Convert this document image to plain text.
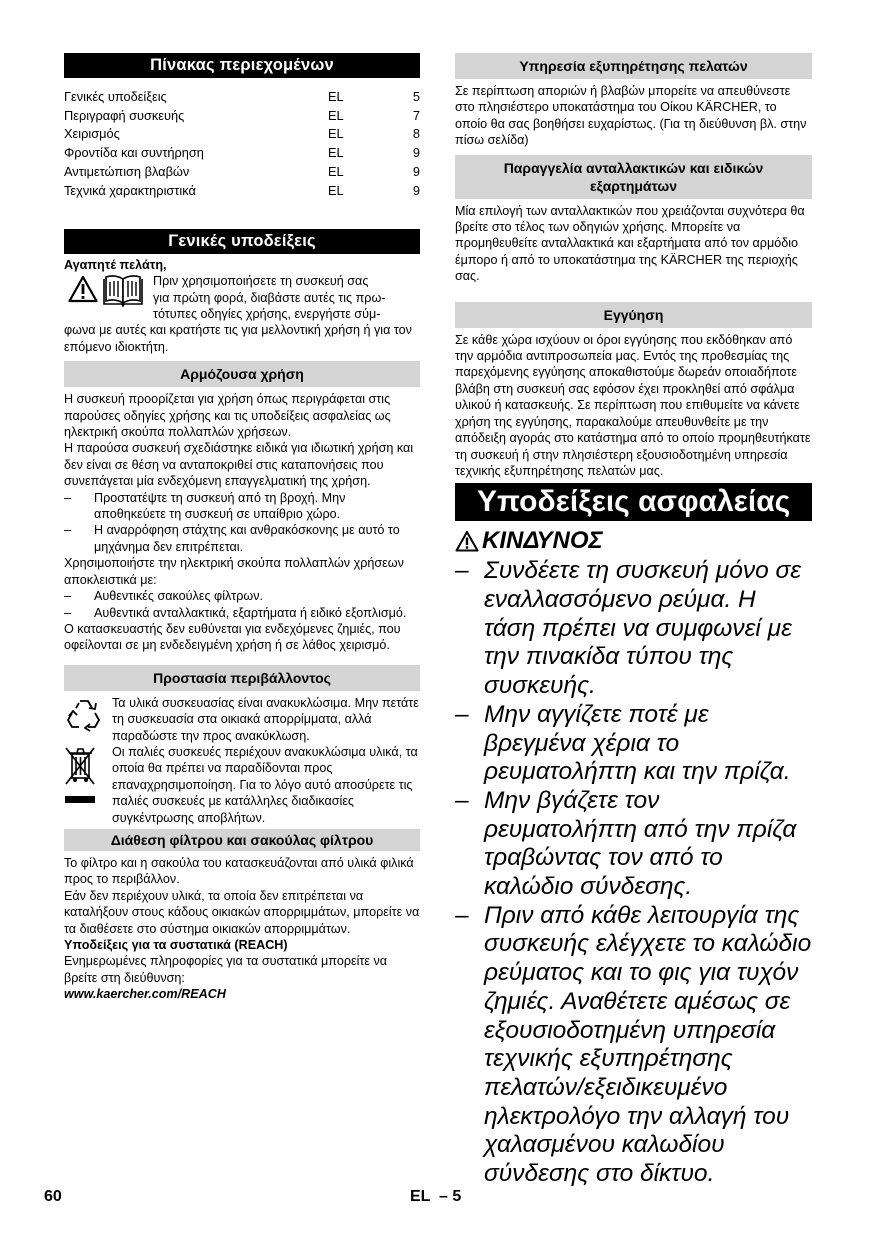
Πίνακας περιεχομένων
Γενικές υποδείξεις	EL	5
Περιγραφή συσκευής	EL	7
Χειρισμός	EL	8
Φροντίδα και συντήρηση	EL	9
Αντιμετώπιση βλαβών	EL	9
Τεχνικά χαρακτηριστικά	EL	9
Γενικές υποδείξεις
Αγαπητέ πελάτη,
Πριν χρησιμοποιήσετε τη συσκευή σας
για πρώτη φορά, διαβάστε αυτές τις πρω-
τότυπες οδηγίες χρήσης, ενεργήστε σύμ-
φωνα με αυτές και κρατήστε τις για μελλοντική χρήση ή για τον επόμενο ιδιοκτήτη.
Αρμόζουσα χρήση

Η συσκευή προορίζεται για χρήση όπως περιγράφεται στις παρούσες οδηγίες χρήσης και τις υποδείξεις ασφαλείας ως ηλεκτρική σκούπα πολλαπλών χρήσεων.

Η παρούσα συσκευή σχεδιάστηκε ειδικά για ιδιωτική χρήση και δεν είναι σε θέση να ανταποκριθεί στις καταπονήσεις που συνεπάγεται μία ενδεχόμενη επαγγελματική της χρήση.

–	Προστατέψτε τη συσκευή από τη βροχή. Μην αποθηκεύετε τη συσκευή σε υπαίθριο χώρο.
–	Η αναρρόφηση στάχτης και ανθρακόσκονης με αυτό το μηχάνημα δεν επιτρέπεται.

Χρησιμοποιήστε την ηλεκτρική σκούπα πολλαπλών χρήσεων αποκλειστικά με:

–	Αυθεντικές σακούλες φίλτρων.
–	Αυθεντικά ανταλλακτικά, εξαρτήματα ή ειδικό εξοπλισμό.

Ο κατασκευαστής δεν ευθύνεται για ενδεχόμενες ζημιές, που οφείλονται σε μη ενδεδειγμένη χρήση ή σε λάθος χειρισμό.

Προστασία περιβάλλοντος
Τα υλικά συσκευασίας είναι ανακυκλώσιμα. Μην πετάτε τη συσκευασία στα οικιακά απορρίμματα, αλλά παραδώστε την προς ανακύκλωση.
Οι παλιές συσκευές περιέχουν ανακυκλώσιμα υλικά, τα οποία θα πρέπει να παραδίδονται προς επαναχρησιμοποίηση. Για το λόγο αυτό αποσύρετε τις παλιές συσκευές με κατάλληλες διαδικασίες συγκέντρωσης αποβλήτων.
Διάθεση φίλτρου και σακούλας φίλτρου

Το φίλτρο και η σακούλα του κατασκευάζονται από υλικά φιλικά προς το περιβάλλον.

Εάν δεν περιέχουν υλικά, τα οποία δεν επιτρέπεται να καταλήξουν στους κάδους οικιακών απορριμμάτων, μπορείτε να τα διαθέσετε στο σύστημα οικιακών απορριμμάτων.

Υποδείξεις για τα συστατικά (REACH)

Ενημερωμένες πληροφορίες για τα συστατικά μπορείτε να βρείτε στη διεύθυνση:

www.kaercher.com/REACH

Υπηρεσία εξυπηρέτησης πελατών
Σε περίπτωση αποριών ή βλαβών μπορείτε να απευθύνεστε στο πλησιέστερο υποκατάστημα του Οίκου KÄRCHER, το οποίο θα σας βοηθήσει ευχαρίστως. (Για τη διεύθυνση βλ. στην πίσω σελίδα)
Παραγγελία ανταλλακτικών και ειδικών
εξαρτημάτων
Μία επιλογή των ανταλλακτικών που χρειάζονται συχνότερα θα βρείτε στο τέλος των οδηγιών χρήσης. Μπορείτε να προμηθευθείτε ανταλλακτικά και εξαρτήματα από τον αρμόδιο έμπορο ή από το υποκατάστημα της KÄRCHER της περιοχής σας.
Εγγύηση
Σε κάθε χώρα ισχύουν οι όροι εγγύησης που εκδόθηκαν από την αρμόδια αντιπροσωπεία μας. Εντός της προθεσμίας της παρεχόμενης εγγύησης αποκαθιστούμε δωρεάν οποιαδήποτε βλάβη στη συσκευή σας εφόσον έχει προκληθεί από σφάλμα υλικού ή κατασκευής. Σε περίπτωση που επιθυμείτε να κάνετε χρήση της εγγύησης, παρακαλούμε απευθυνθείτε με την απόδειξη αγοράς στο κατάστημα από το οποίο προμηθευτήκατε τη συσκευή ή στην πλησιέστερη εξουσιοδοτημένη υπηρεσία τεχνικής εξυπηρέτησης πελατών μας.
Υποδείξεις ασφαλείας
ΚΙΝΔΥΝΟΣ
– Συνδέετε τη συσκευή μόνο σε εναλλασσόμενο ρεύμα. Η τάση πρέπει να συμφωνεί με την πινακίδα τύπου της συσκευής.
– Μην αγγίζετε ποτέ με βρεγμένα χέρια το ρευματολήπτη και την πρίζα.
– Μην βγάζετε τον ρευματολήπτη από την πρίζα τραβώντας τον από το καλώδιο σύνδεσης.
– Πριν από κάθε λειτουργία της συσκευής ελέγχετε το καλώδιο ρεύματος και το φις για τυχόν ζημιές. Αναθέτετε αμέσως σε εξουσιοδοτημένη υπηρεσία τεχνικής εξυπηρέτησης πελατών/εξειδικευμένο ηλεκτρολόγο την αλλαγή του χαλασμένου καλωδίου σύνδεσης στο δίκτυο.
60	EL  – 5
